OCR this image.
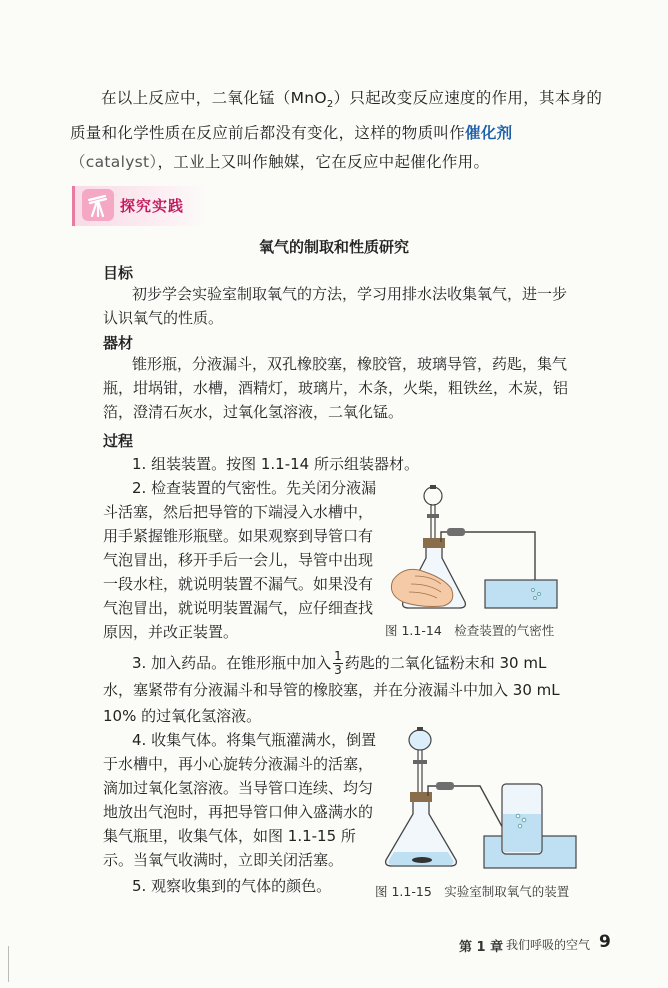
在以上反应中，二氧化锰（MnO$_2$）只起改变反应速度的作用，其本身的质量和化学性质在反应前后都没有变化，这样的物质叫作催化剂（catalyst），工业上又叫作触媒，它在反应中起催化作用。
探究实践
氧气的制取和性质研究
目标
初步学会实验室制取氧气的方法，学习用排水法收集氧气，进一步认识氧气的性质。
器材
锥形瓶，分液漏斗，双孔橡胶塞，橡胶管，玻璃导管，药匙，集气瓶，坩埚钳，水槽，酒精灯，玻璃片，木条，火柴，粗铁丝，木炭，铝箔，澄清石灰水，过氧化氢溶液，二氧化锰。
过程
1. 组装装置。按图 1.1-14 所示组装器材。
2. 检查装置的气密性。先关闭分液漏斗活塞，然后把导管的下端浸入水槽中，用手紧握锥形瓶壁。如果观察到导管口有气泡冒出，移开手后一会儿，导管中出现一段水柱，就说明装置不漏气。如果没有气泡冒出，就说明装置漏气，应仔细查找原因，并改正装置。	图 1.1-14　检查装置的气密性
3. 加入药品。在锥形瓶中加入 $\frac{1}{3}$ 药匙的二氧化锰粉末和 30 mL 水，塞紧带有分液漏斗和导管的橡胶塞，并在分液漏斗中加入 30 mL 10% 的过氧化氢溶液。
4. 收集气体。将集气瓶灌满水，倒置于水槽中，再小心旋转分液漏斗的活塞，滴加过氧化氢溶液。当导管口连续、均匀地放出气泡时，再把导管口伸入盛满水的集气瓶里，收集气体，如图 1.1-15 所示。当氧气收满时，立即关闭活塞。
图 1.1-15　实验室制取氧气的装置
5. 观察收集到的气体的颜色。
第 1 章 我们呼吸的空气 9
